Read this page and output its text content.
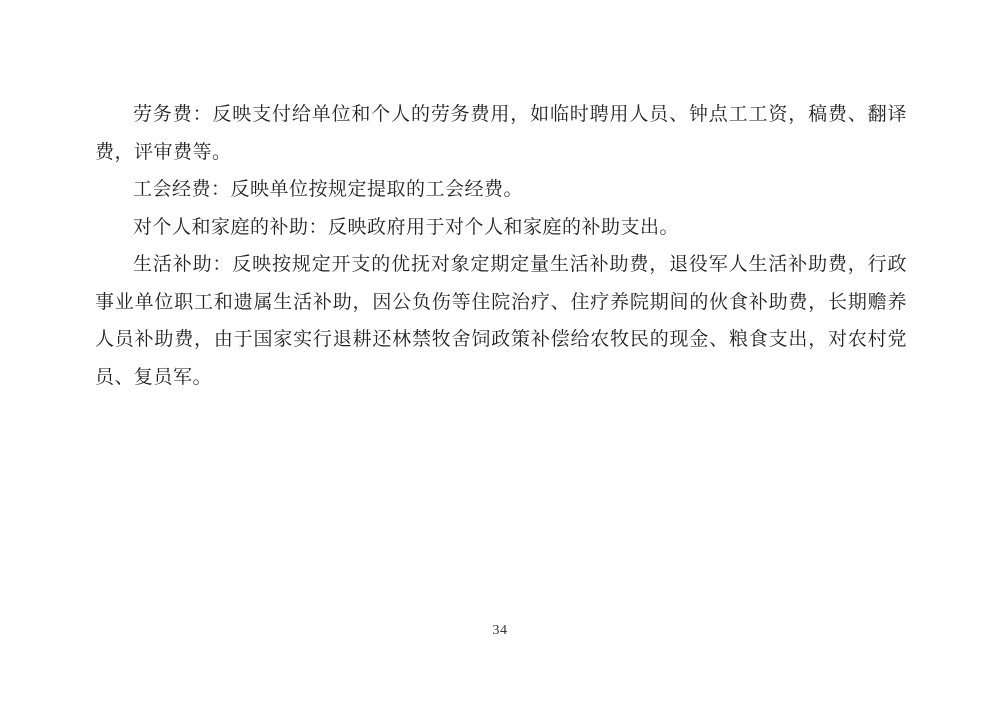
劳务费：反映支付给单位和个人的劳务费用，如临时聘用人员、钟点工工资，稿费、翻译费，评审费等。

工会经费：反映单位按规定提取的工会经费。

对个人和家庭的补助：反映政府用于对个人和家庭的补助支出。

生活补助：反映按规定开支的优抚对象定期定量生活补助费，退役军人生活补助费，行政事业单位职工和遗属生活补助，因公负伤等住院治疗、住疗养院期间的伙食补助费，长期赡养人员补助费，由于国家实行退耕还林禁牧舍饲政策补偿给农牧民的现金、粮食支出，对农村党员、复员军。

34
